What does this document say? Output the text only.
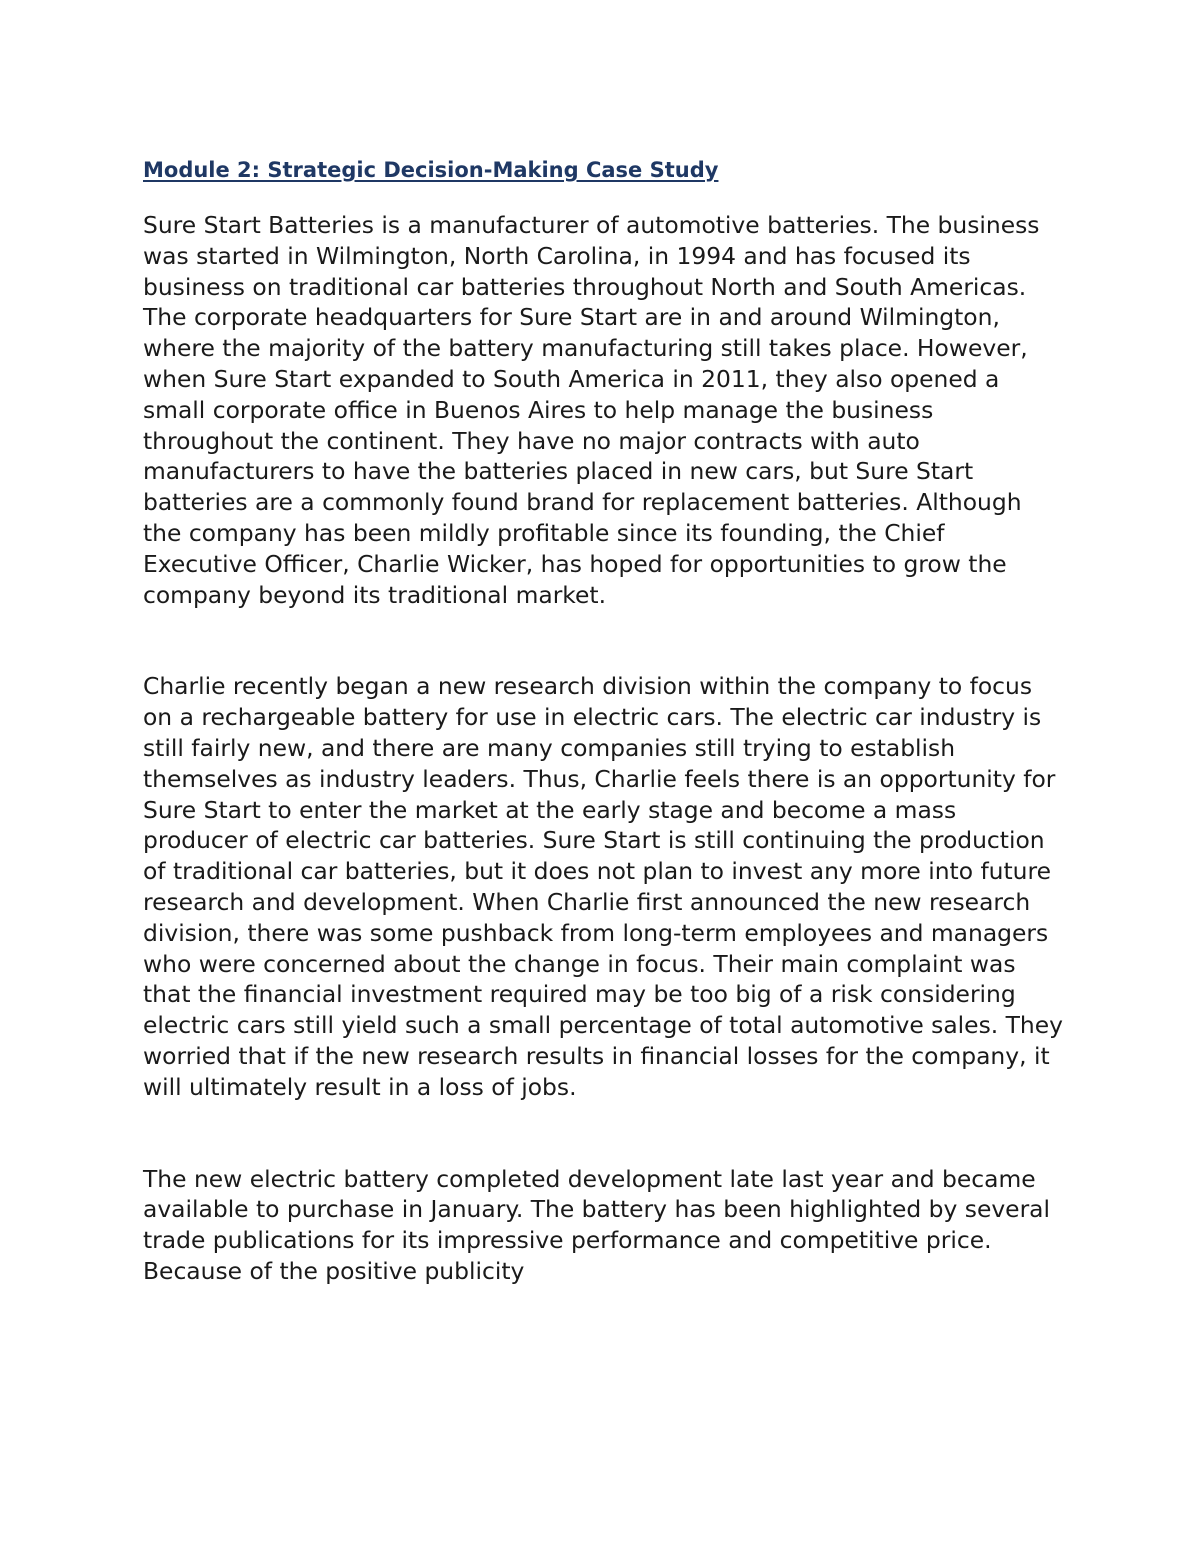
Module 2: Strategic Decision-Making Case Study

Sure Start Batteries is a manufacturer of automotive batteries. The business was started in Wilmington, North Carolina, in 1994 and has focused its business on traditional car batteries throughout North and South Americas. The corporate headquarters for Sure Start are in and around Wilmington, where the majority of the battery manufacturing still takes place. However, when Sure Start expanded to South America in 2011, they also opened a small corporate office in Buenos Aires to help manage the business throughout the continent. They have no major contracts with auto manufacturers to have the batteries placed in new cars, but Sure Start batteries are a commonly found brand for replacement batteries. Although the company has been mildly profitable since its founding, the Chief Executive Officer, Charlie Wicker, has hoped for opportunities to grow the company beyond its traditional market.

Charlie recently began a new research division within the company to focus on a rechargeable battery for use in electric cars. The electric car industry is still fairly new, and there are many companies still trying to establish themselves as industry leaders. Thus, Charlie feels there is an opportunity for Sure Start to enter the market at the early stage and become a mass producer of electric car batteries. Sure Start is still continuing the production of traditional car batteries, but it does not plan to invest any more into future research and development. When Charlie first announced the new research division, there was some pushback from long-term employees and managers who were concerned about the change in focus. Their main complaint was that the financial investment required may be too big of a risk considering electric cars still yield such a small percentage of total automotive sales. They worried that if the new research results in financial losses for the company, it will ultimately result in a loss of jobs.

The new electric battery completed development late last year and became available to purchase in January. The battery has been highlighted by several trade publications for its impressive performance and competitive price. Because of the positive publicity
